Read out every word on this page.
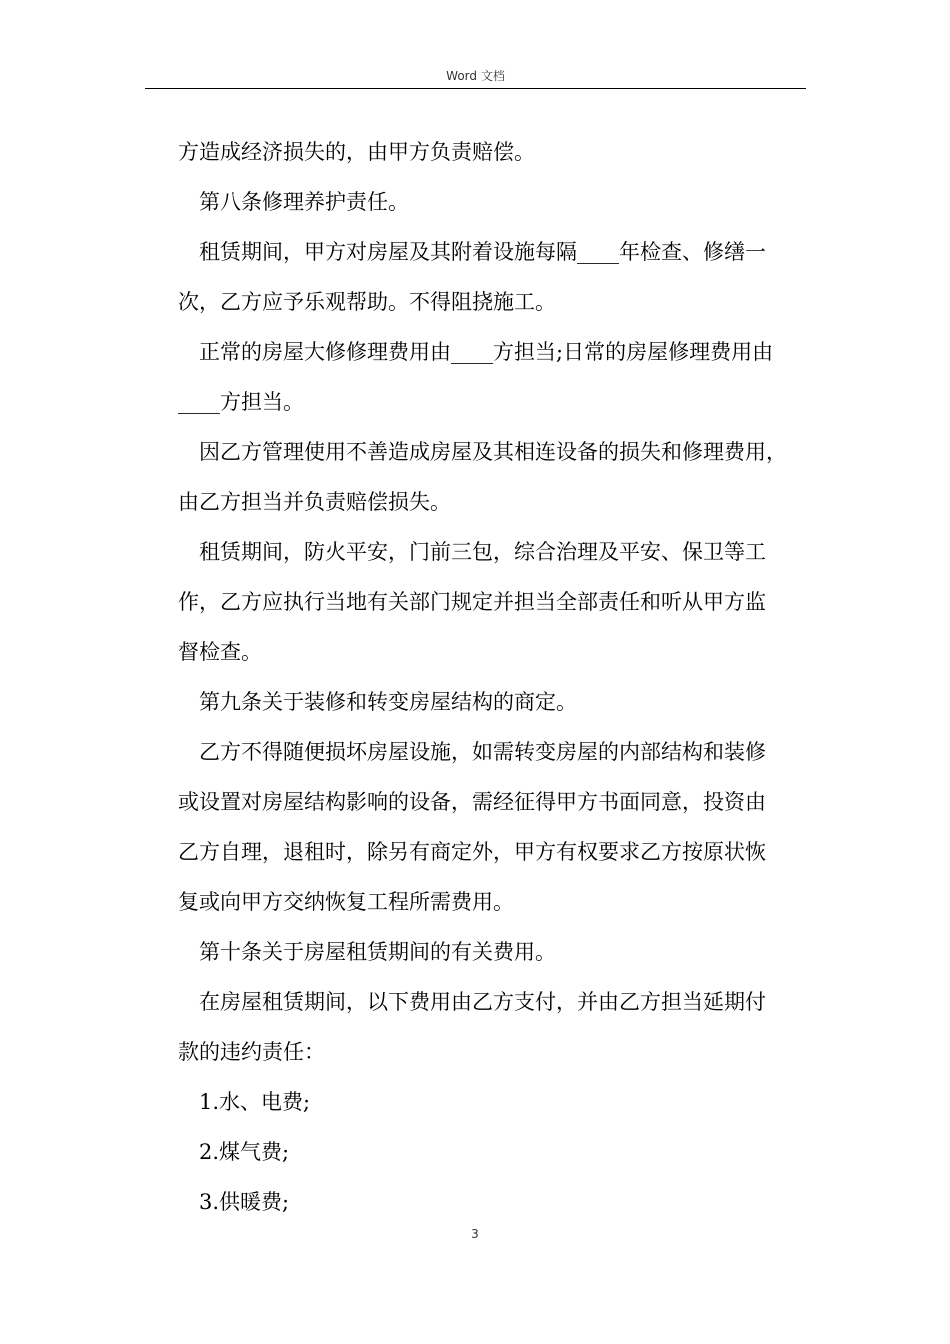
Word 文档
方造成经济损失的，由甲方负责赔偿。
第八条修理养护责任。
租赁期间，甲方对房屋及其附着设施每隔____年检查、修缮一
次，乙方应予乐观帮助。不得阻挠施工。
正常的房屋大修修理费用由____方担当;日常的房屋修理费用由
____方担当。
因乙方管理使用不善造成房屋及其相连设备的损失和修理费用，
由乙方担当并负责赔偿损失。
租赁期间，防火平安，门前三包，综合治理及平安、保卫等工
作，乙方应执行当地有关部门规定并担当全部责任和听从甲方监
督检查。
第九条关于装修和转变房屋结构的商定。
乙方不得随便损坏房屋设施，如需转变房屋的内部结构和装修
或设置对房屋结构影响的设备，需经征得甲方书面同意，投资由
乙方自理，退租时，除另有商定外，甲方有权要求乙方按原状恢
复或向甲方交纳恢复工程所需费用。
第十条关于房屋租赁期间的有关费用。
在房屋租赁期间，以下费用由乙方支付，并由乙方担当延期付
款的违约责任：
1.水、电费;
2.煤气费;
3.供暖费;
3
